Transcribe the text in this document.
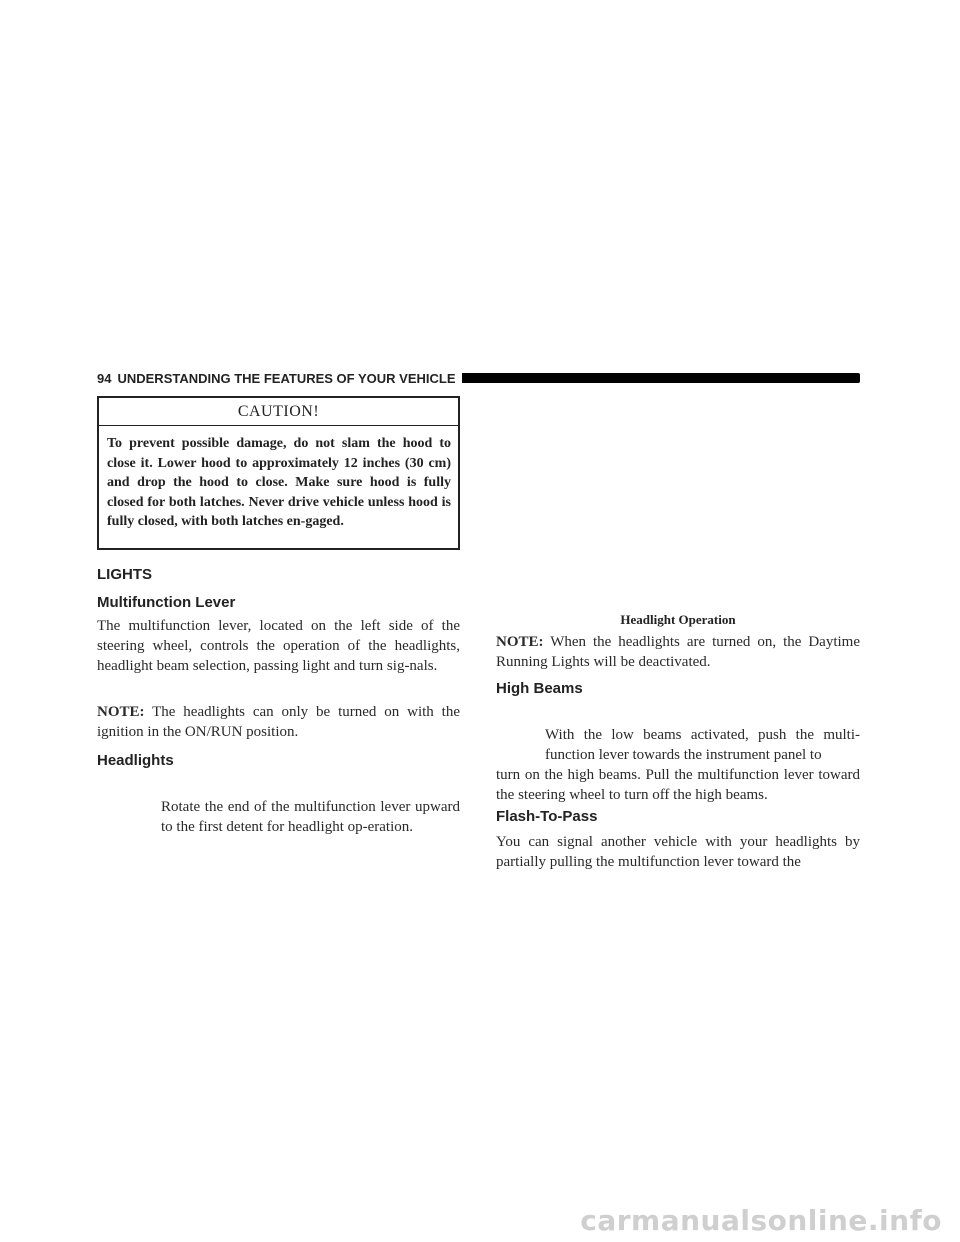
94 UNDERSTANDING THE FEATURES OF YOUR VEHICLE
CAUTION!
To prevent possible damage, do not slam the hood to close it. Lower hood to approximately 12 inches (30 cm) and drop the hood to close. Make sure hood is fully closed for both latches. Never drive vehicle unless hood is fully closed, with both latches en-gaged.
LIGHTS
Multifunction Lever

The multifunction lever, located on the left side of the steering wheel, controls the operation of the headlights, headlight beam selection, passing light and turn sig-nals.

NOTE: The headlights can only be turned on with the ignition in the ON/RUN position.

Headlights

Rotate the end of the multifunction lever upward to the first detent for headlight op-eration.

Headlight Operation

NOTE: When the headlights are turned on, the Daytime Running Lights will be deactivated.

High Beams

With the low beams activated, push the multi-function lever towards the instrument panel to

turn on the high beams. Pull the multifunction lever toward the steering wheel to turn off the high beams.

Flash-To-Pass

You can signal another vehicle with your headlights by partially pulling the multifunction lever toward the

carmanualsonline.info
